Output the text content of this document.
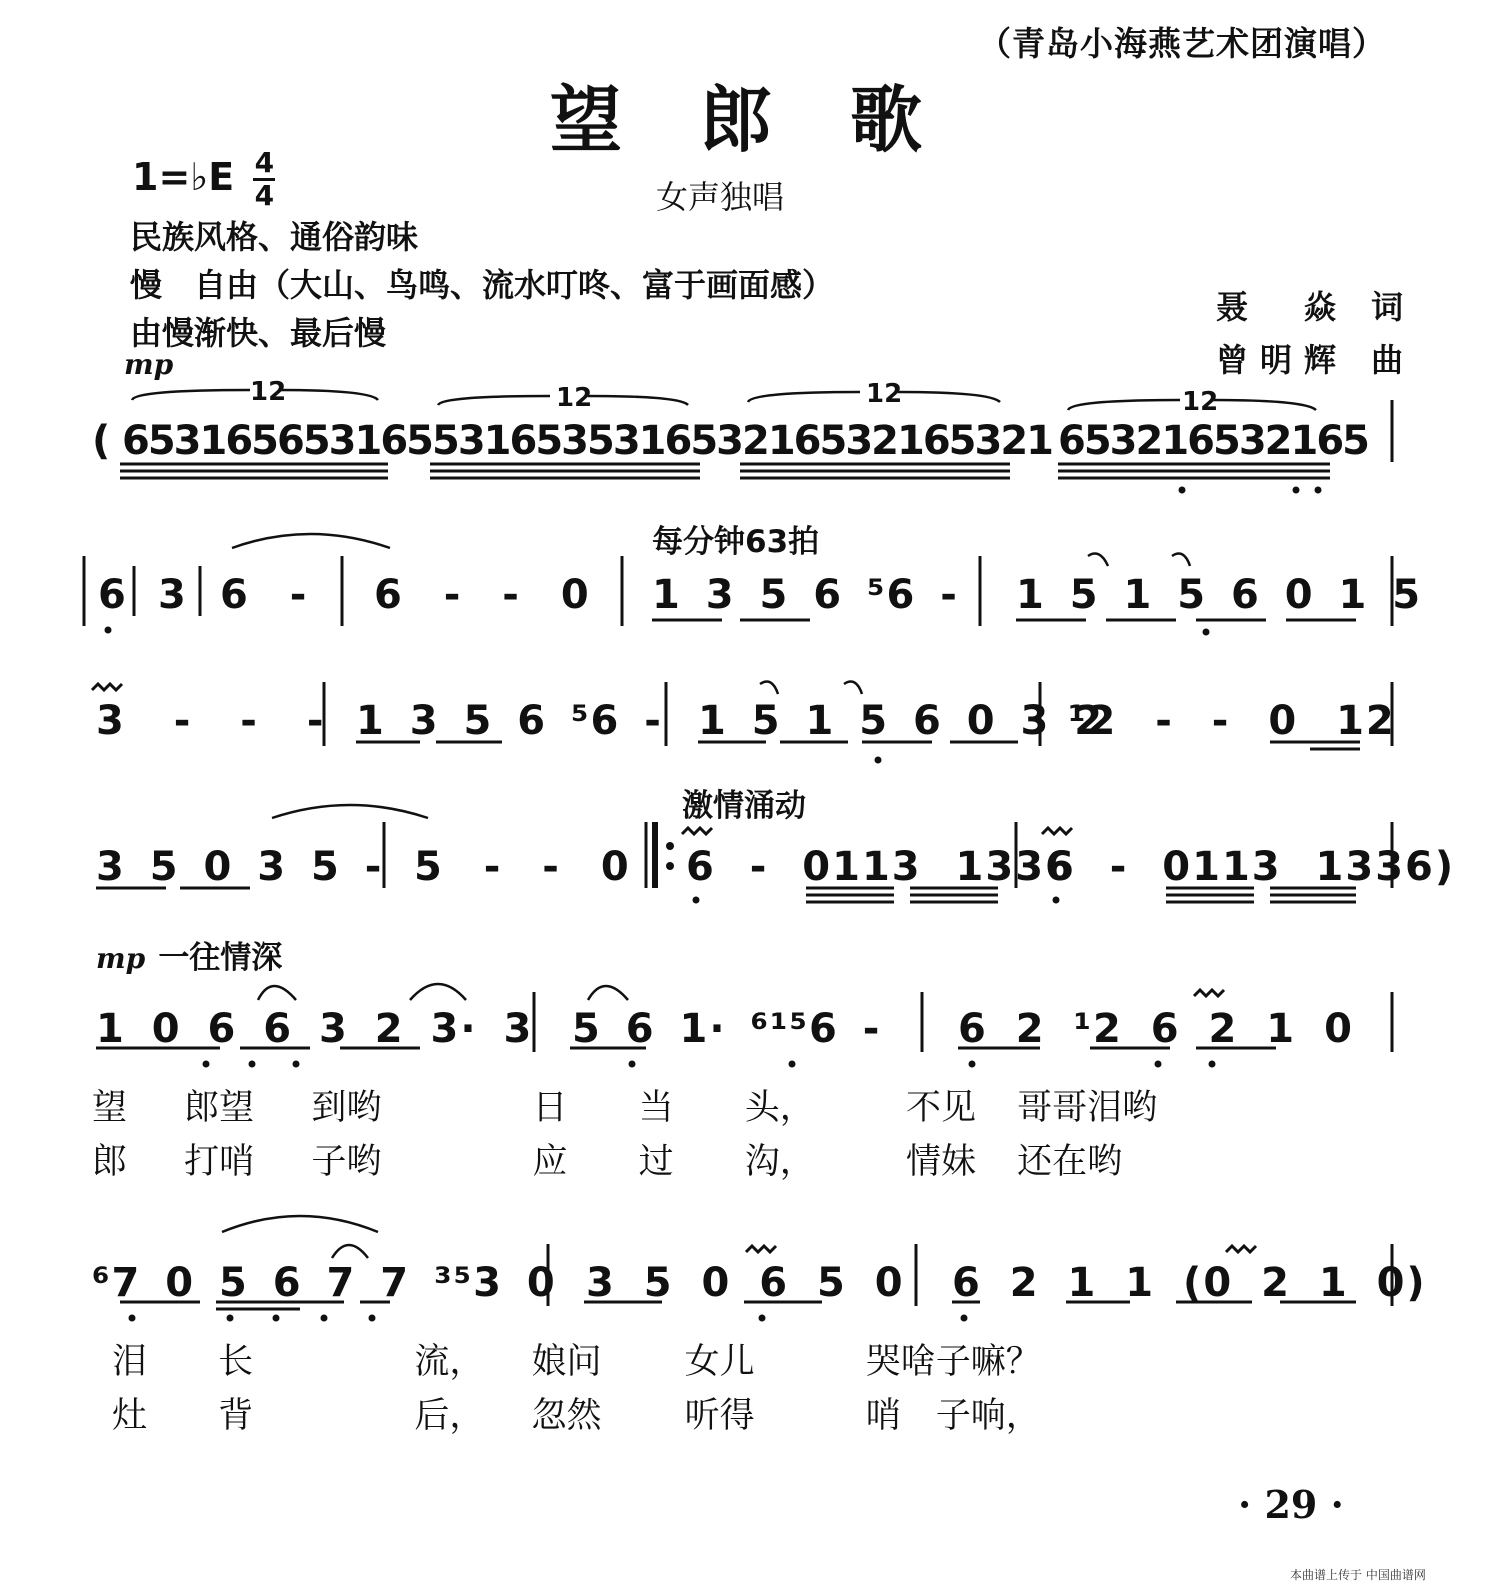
（青岛小海燕艺术团演唱）
望郎歌
1=♭E $\frac{4}{4}$	女声独唱
民族风格、通俗韵味
慢　自由（大山、鸟鸣、流水叮咚、富于画面感）
由慢渐快、最后慢
聂　焱 词
曾明辉 曲
12	12	12	12
mp
每分钟63拍
激情涌动
mp 一往情深
( 653165653165 531653531653 216532165321 653216532165
6 3 6 - 6 - - 0 1 3 5 6 ⁵6 - 1 5 1 5 6 0 1 5
3 - - - 1 3 5 6 ⁵6 - 1 5 1 5 6 0 3 2
¹2 - - 0 12
3 5 0 3 5 - 5 - - 0 6 - 0113 1336
6 - 0113 1336)
1 0 6 6 3 2 3· 3 5 6 1· ⁶¹⁵6 - 6 2 ¹2 6 2 1 0
望 郎望 到哟	日 当 头，	不见 哥哥泪哟
郎 打哨 子哟	应 过 沟，	情妹 还在哟
⁶7 0 5 6 7 7 ³⁵3 0 3 5 0 6 5 0 6 2 1 1 (0 2 1 0)
泪 长	流， 娘问 女儿	哭啥子嘛？
灶 背	后， 忽然 听得	哨　子响，
· 29 ·
本曲谱上传于 中国曲谱网
